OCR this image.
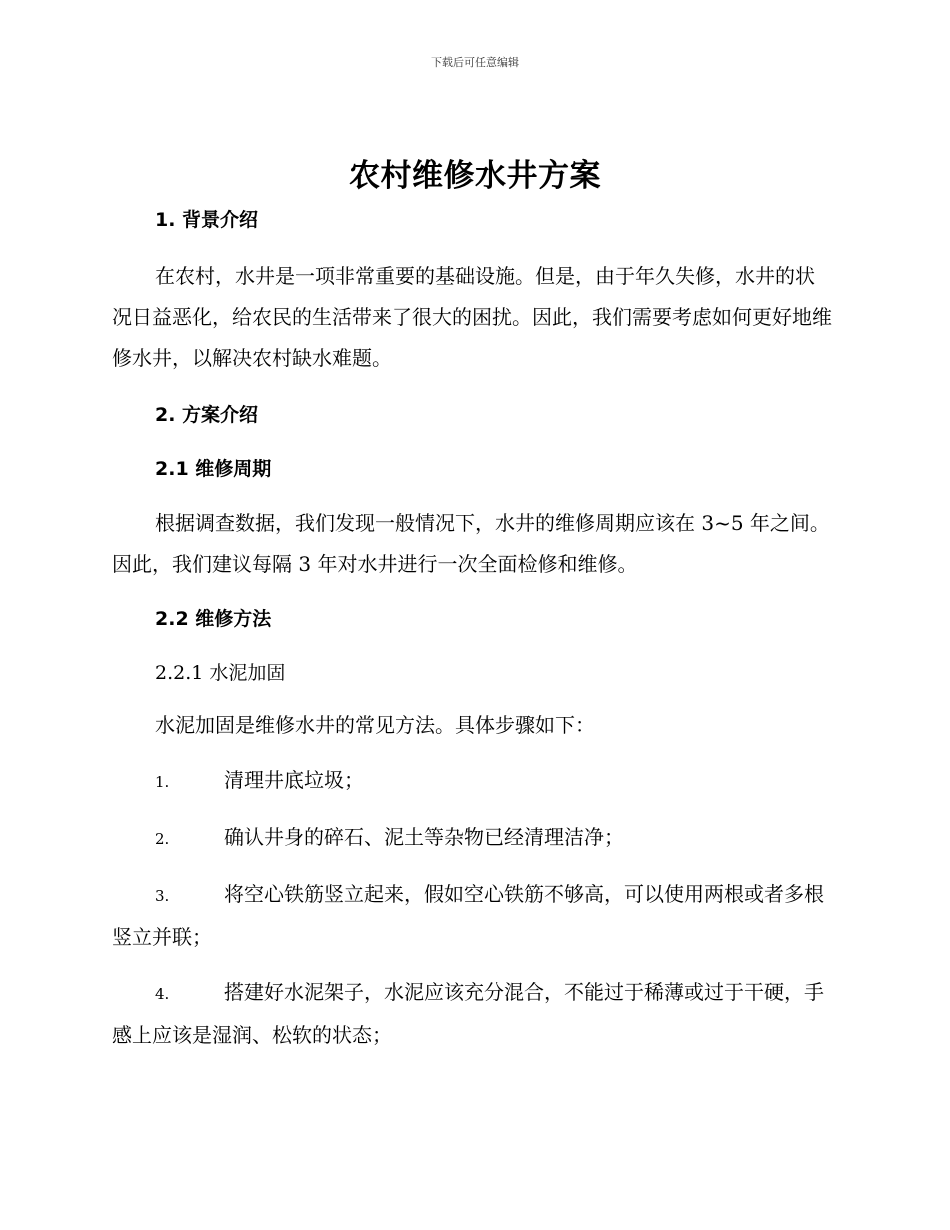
下载后可任意编辑
农村维修水井方案

1. 背景介绍

在农村，水井是一项非常重要的基础设施。但是，由于年久失修，水井的状况日益恶化，给农民的生活带来了很大的困扰。因此，我们需要考虑如何更好地维修水井，以解决农村缺水难题。

2. 方案介绍

2.1 维修周期

根据调查数据，我们发现一般情况下，水井的维修周期应该在 3~5 年之间。因此，我们建议每隔 3 年对水井进行一次全面检修和维修。

2.2 维修方法

2.2.1 水泥加固

水泥加固是维修水井的常见方法。具体步骤如下：

1.	清理井底垃圾；

2.	确认井身的碎石、泥土等杂物已经清理洁净；

3.	将空心铁筋竖立起来，假如空心铁筋不够高，可以使用两根或者多根竖立并联；

4.	搭建好水泥架子，水泥应该充分混合，不能过于稀薄或过于干硬，手感上应该是湿润、松软的状态；
